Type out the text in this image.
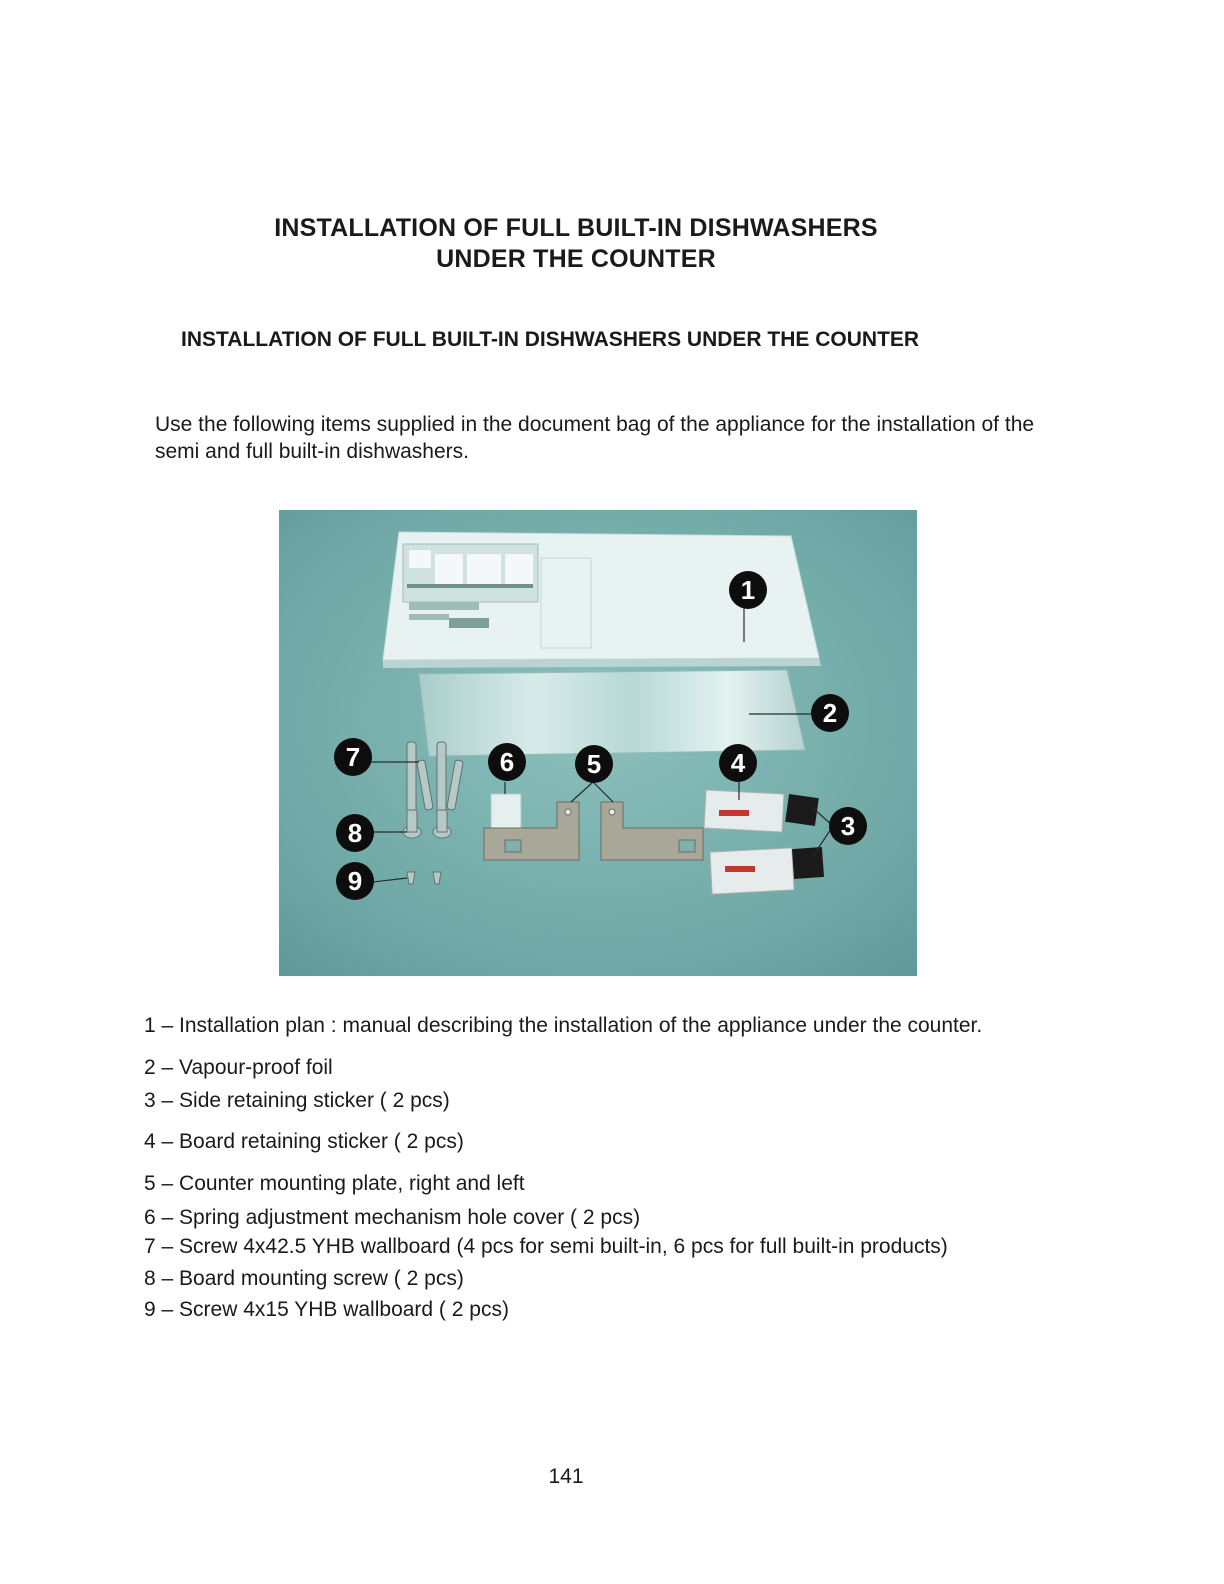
INSTALLATION OF FULL BUILT-IN DISHWASHERS
UNDER THE COUNTER
INSTALLATION OF FULL BUILT-IN DISHWASHERS UNDER THE COUNTER
Use the following items supplied in the document bag of the appliance for the installation of the semi and full built-in dishwashers.
1
2
3
4
5
6
7
8
9
1 – Installation plan : manual describing the installation of the appliance under the counter.
2 – Vapour-proof foil
3 – Side retaining sticker ( 2 pcs)
4 – Board retaining sticker ( 2 pcs)
5 – Counter mounting plate, right and left
6 – Spring adjustment mechanism hole cover ( 2 pcs)
7 – Screw 4x42.5 YHB wallboard (4 pcs for semi built-in, 6 pcs for full built-in products)
8 – Board mounting screw ( 2 pcs)
9 – Screw 4x15 YHB wallboard ( 2 pcs)
141
